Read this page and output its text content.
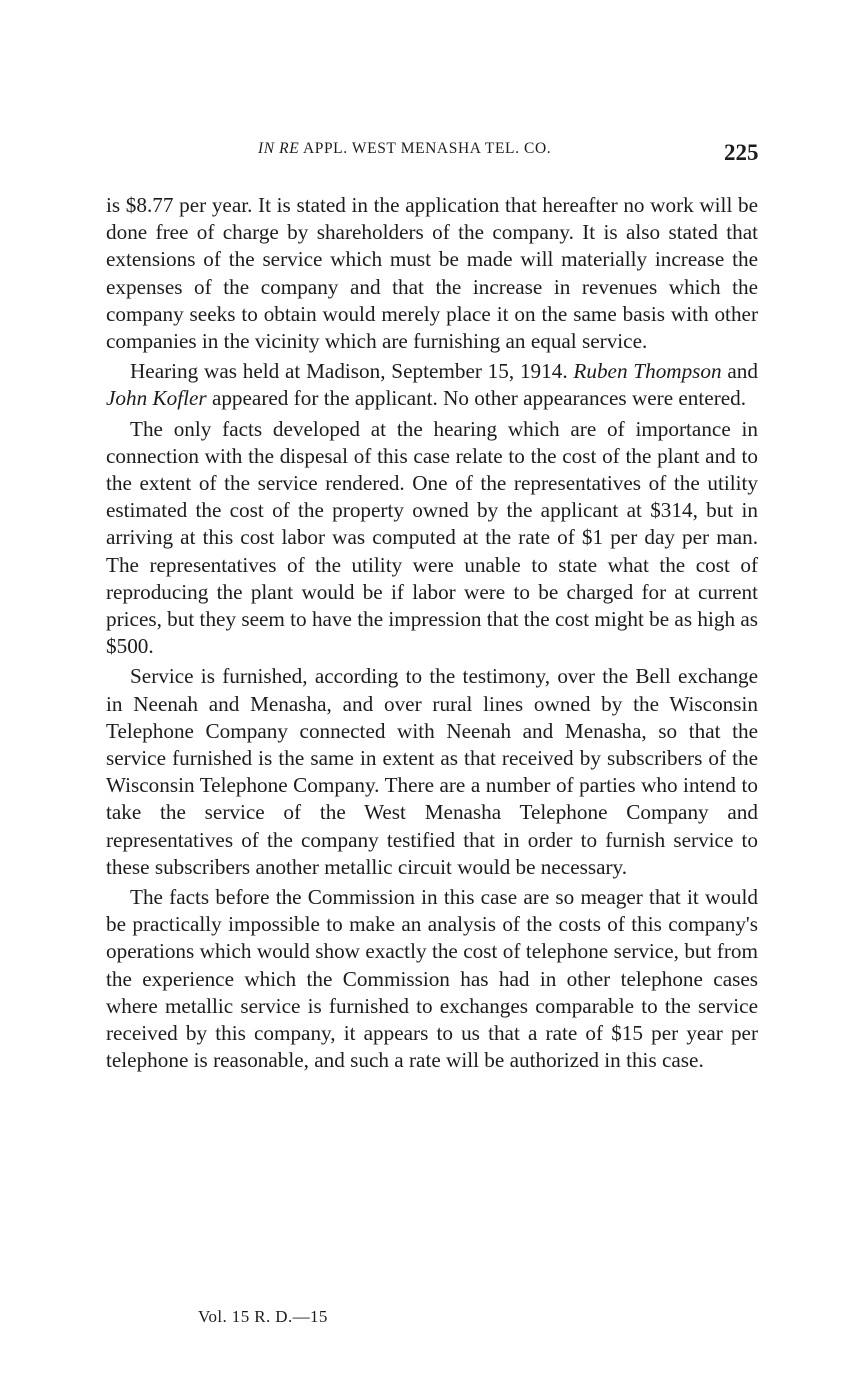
IN RE APPL. WEST MENASHA TEL. CO.	225

is $8.77 per year. It is stated in the application that hereafter no work will be done free of charge by shareholders of the company. It is also stated that extensions of the service which must be made will materially increase the expenses of the company and that the increase in revenues which the company seeks to obtain would merely place it on the same basis with other companies in the vicinity which are furnishing an equal service.

Hearing was held at Madison, September 15, 1914. Ruben Thompson and John Kofler appeared for the applicant. No other appearances were entered.

The only facts developed at the hearing which are of importance in connection with the dispesal of this case relate to the cost of the plant and to the extent of the service rendered. One of the representatives of the utility estimated the cost of the property owned by the applicant at $314, but in arriving at this cost labor was computed at the rate of $1 per day per man. The representatives of the utility were unable to state what the cost of reproducing the plant would be if labor were to be charged for at current prices, but they seem to have the impression that the cost might be as high as $500.

Service is furnished, according to the testimony, over the Bell exchange in Neenah and Menasha, and over rural lines owned by the Wisconsin Telephone Company connected with Neenah and Menasha, so that the service furnished is the same in extent as that received by subscribers of the Wisconsin Telephone Company. There are a number of parties who intend to take the service of the West Menasha Telephone Company and representatives of the company testified that in order to furnish service to these subscribers another metallic circuit would be necessary.

The facts before the Commission in this case are so meager that it would be practically impossible to make an analysis of the costs of this company's operations which would show exactly the cost of telephone service, but from the experience which the Commission has had in other telephone cases where metallic service is furnished to exchanges comparable to the service received by this company, it appears to us that a rate of $15 per year per telephone is reasonable, and such a rate will be authorized in this case.

Vol. 15 R. D.—15
